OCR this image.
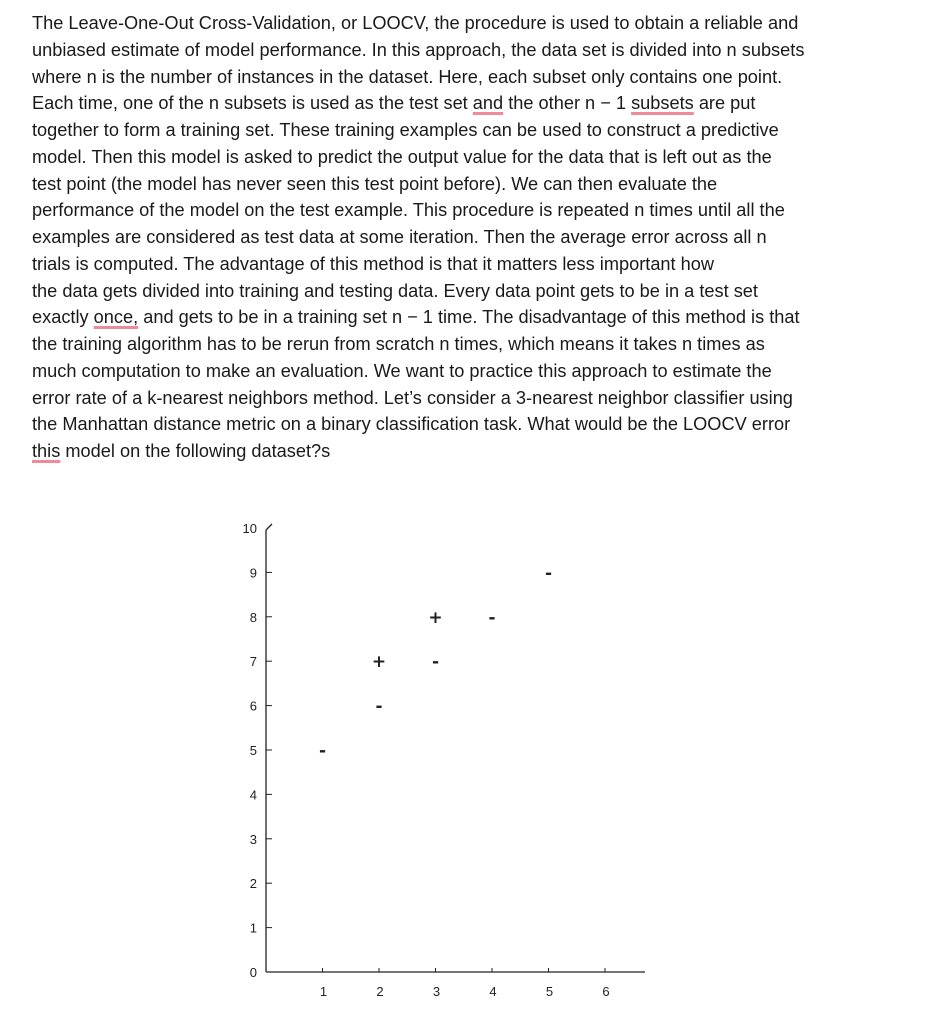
The Leave-One-Out Cross-Validation, or LOOCV, the procedure is used to obtain a reliable and
unbiased estimate of model performance. In this approach, the data set is divided into n subsets
where n is the number of instances in the dataset. Here, each subset only contains one point.
Each time, one of the n subsets is used as the test set and the other n − 1 subsets are put
together to form a training set. These training examples can be used to construct a predictive
model. Then this model is asked to predict the output value for the data that is left out as the
test point (the model has never seen this test point before). We can then evaluate the
performance of the model on the test example. This procedure is repeated n times until all the
examples are considered as test data at some iteration. Then the average error across all n
trials is computed. The advantage of this method is that it matters less important how
the data gets divided into training and testing data. Every data point gets to be in a test set
exactly once, and gets to be in a training set n − 1 time. The disadvantage of this method is that
the training algorithm has to be rerun from scratch n times, which means it takes n times as
much computation to make an evaluation. We want to practice this approach to estimate the
error rate of a k-nearest neighbors method. Let’s consider a 3-nearest neighbor classifier using
the Manhattan distance metric on a binary classification task. What would be the LOOCV error
this model on the following dataset?s
0
1
2
3
4
5
6
7
8
9
10
1	2	3	4	5	6
+
+
-
-
-
-
-
